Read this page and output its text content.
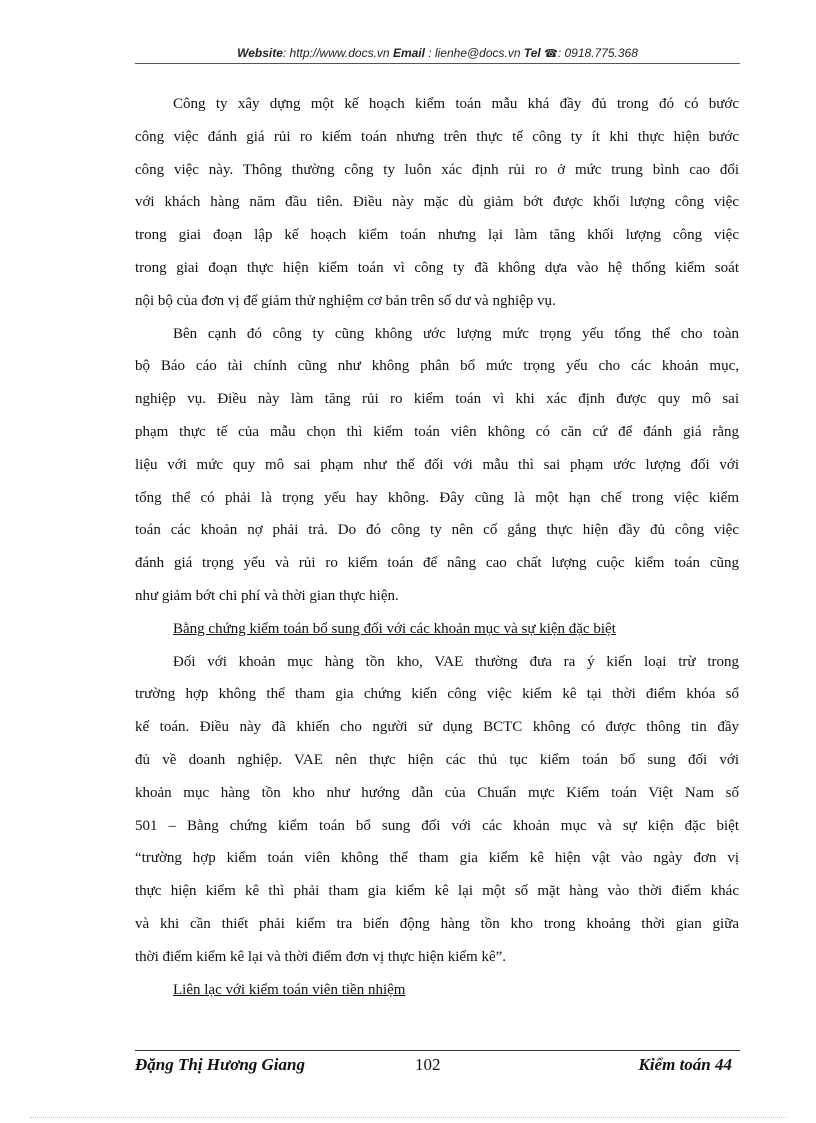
Website: http://www.docs.vn Email : lienhe@docs.vn Tel ☎: 0918.775.368
Công ty xây dựng một kế hoạch kiểm toán mẫu khá đầy đủ trong đó có bước
công việc đánh giá rủi ro kiểm toán nhưng trên thực tế công ty ít khi thực hiện bước
công việc này. Thông thường công ty luôn xác định rủi ro ở mức trung bình cao đối
với khách hàng năm đầu tiên. Điều này mặc dù giảm bớt được khối lượng công việc
trong giai đoạn lập kế hoạch kiểm toán nhưng lại làm tăng khối lượng công việc
trong giai đoạn thực hiện kiểm toán vì công ty đã không dựa vào hệ thống kiểm soát
nội bộ của đơn vị để giảm thử nghiệm cơ bản trên số dư và nghiệp vụ.
Bên cạnh đó công ty cũng không ước lượng mức trọng yếu tổng thể cho toàn
bộ Báo cáo tài chính cũng như không phân bổ mức trọng yếu cho các khoản mục,
nghiệp vụ. Điều này làm tăng rủi ro kiểm toán vì khi xác định được quy mô sai
phạm thực tế của mẫu chọn thì kiểm toán viên không có căn cứ để đánh giá rằng
liệu với mức quy mô sai phạm như thế đối với mẫu thì sai phạm ước lượng đối với
tổng thể có phải là trọng yếu hay không. Đây cũng là một hạn chế trong việc kiểm
toán các khoản nợ phải trả. Do đó công ty nên cố gắng thực hiện đầy đủ công việc
đánh giá trọng yếu và rủi ro kiểm toán để nâng cao chất lượng cuộc kiểm toán cũng
như giảm bớt chi phí và thời gian thực hiện.
Bằng chứng kiểm toán bổ sung đối với các khoản mục và sự kiện đặc biệt
Đối với khoản mục hàng tồn kho, VAE thường đưa ra ý kiến loại trừ trong
trường hợp không thể tham gia chứng kiến công việc kiểm kê tại thời điểm khóa sổ
kế toán. Điều này đã khiến cho người sử dụng BCTC không có được thông tin đầy
đủ về doanh nghiệp. VAE nên thực hiện các thủ tục kiểm toán bổ sung đối với
khoản mục hàng tồn kho như hướng dẫn của Chuẩn mực Kiểm toán Việt Nam số
501 – Bằng chứng kiểm toán bổ sung đối với các khoản mục và sự kiện đặc biệt
“trường hợp kiểm toán viên không thể tham gia kiểm kê hiện vật vào ngày đơn vị
thực hiện kiểm kê thì phải tham gia kiểm kê lại một số mặt hàng vào thời điểm khác
và khi cần thiết phải kiểm tra biến động hàng tồn kho trong khoảng thời gian giữa
thời điểm kiểm kê lại và thời điểm đơn vị thực hiện kiểm kê”.
Liên lạc với kiểm toán viên tiền nhiệm
Đặng Thị Hương Giang	102	Kiểm toán 44
